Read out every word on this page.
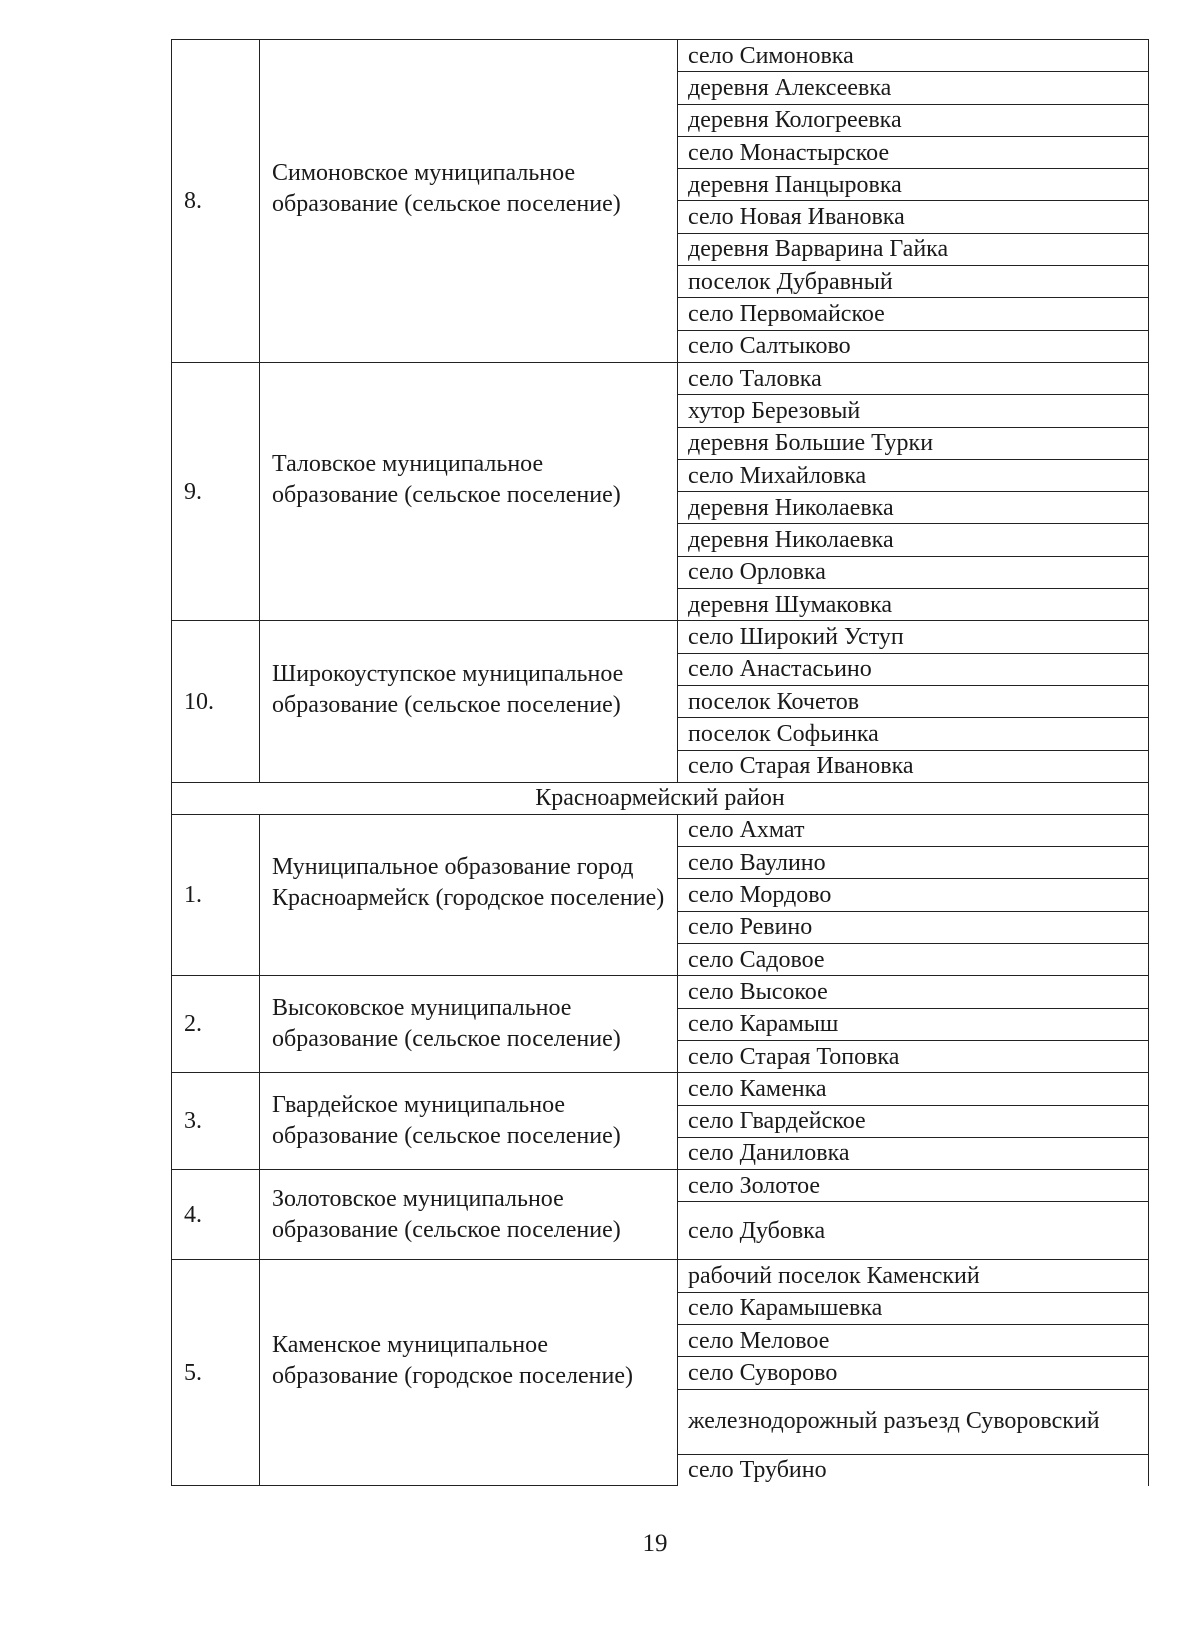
8.	Симоновское муниципальное образование (сельское поселение)	село Симоновка
		деревня Алексеевка
		деревня Кологреевка
		село Монастырское
		деревня Панцыровка
		село Новая Ивановка
		деревня Варварина Гайка
		поселок Дубравный
		село Первомайское
		село Салтыково
9.	Таловское муниципальное образование (сельское поселение)	село Таловка
		хутор Березовый
		деревня Большие Турки
		село Михайловка
		деревня Николаевка
		деревня Николаевка
		село Орловка
		деревня Шумаковка
10.	Широкоуступское муниципальное образование (сельское поселение)	село Широкий Уступ
		село Анастасьино
		поселок Кочетов
		поселок Софьинка
		село Старая Ивановка
Красноармейский район		
1.	Муниципальное образование город Красноармейск (городское поселение)	село Ахмат
		село Ваулино
		село Мордово
		село Ревино
		село Садовое
2.	Высоковское муниципальное образование (сельское поселение)	село Высокое
		село Карамыш
		село Старая Топовка
3.	Гвардейское муниципальное образование (сельское поселение)	село Каменка
		село Гвардейское
		село Даниловка
4.	Золотовское муниципальное образование (сельское поселение)	село Золотое
		село Дубовка
5.	Каменское муниципальное образование (городское поселение)	рабочий поселок Каменский
		село Карамышевка
		село Меловое
		село Суворово
		железнодорожный разъезд Суворовский
		село Трубино
19
